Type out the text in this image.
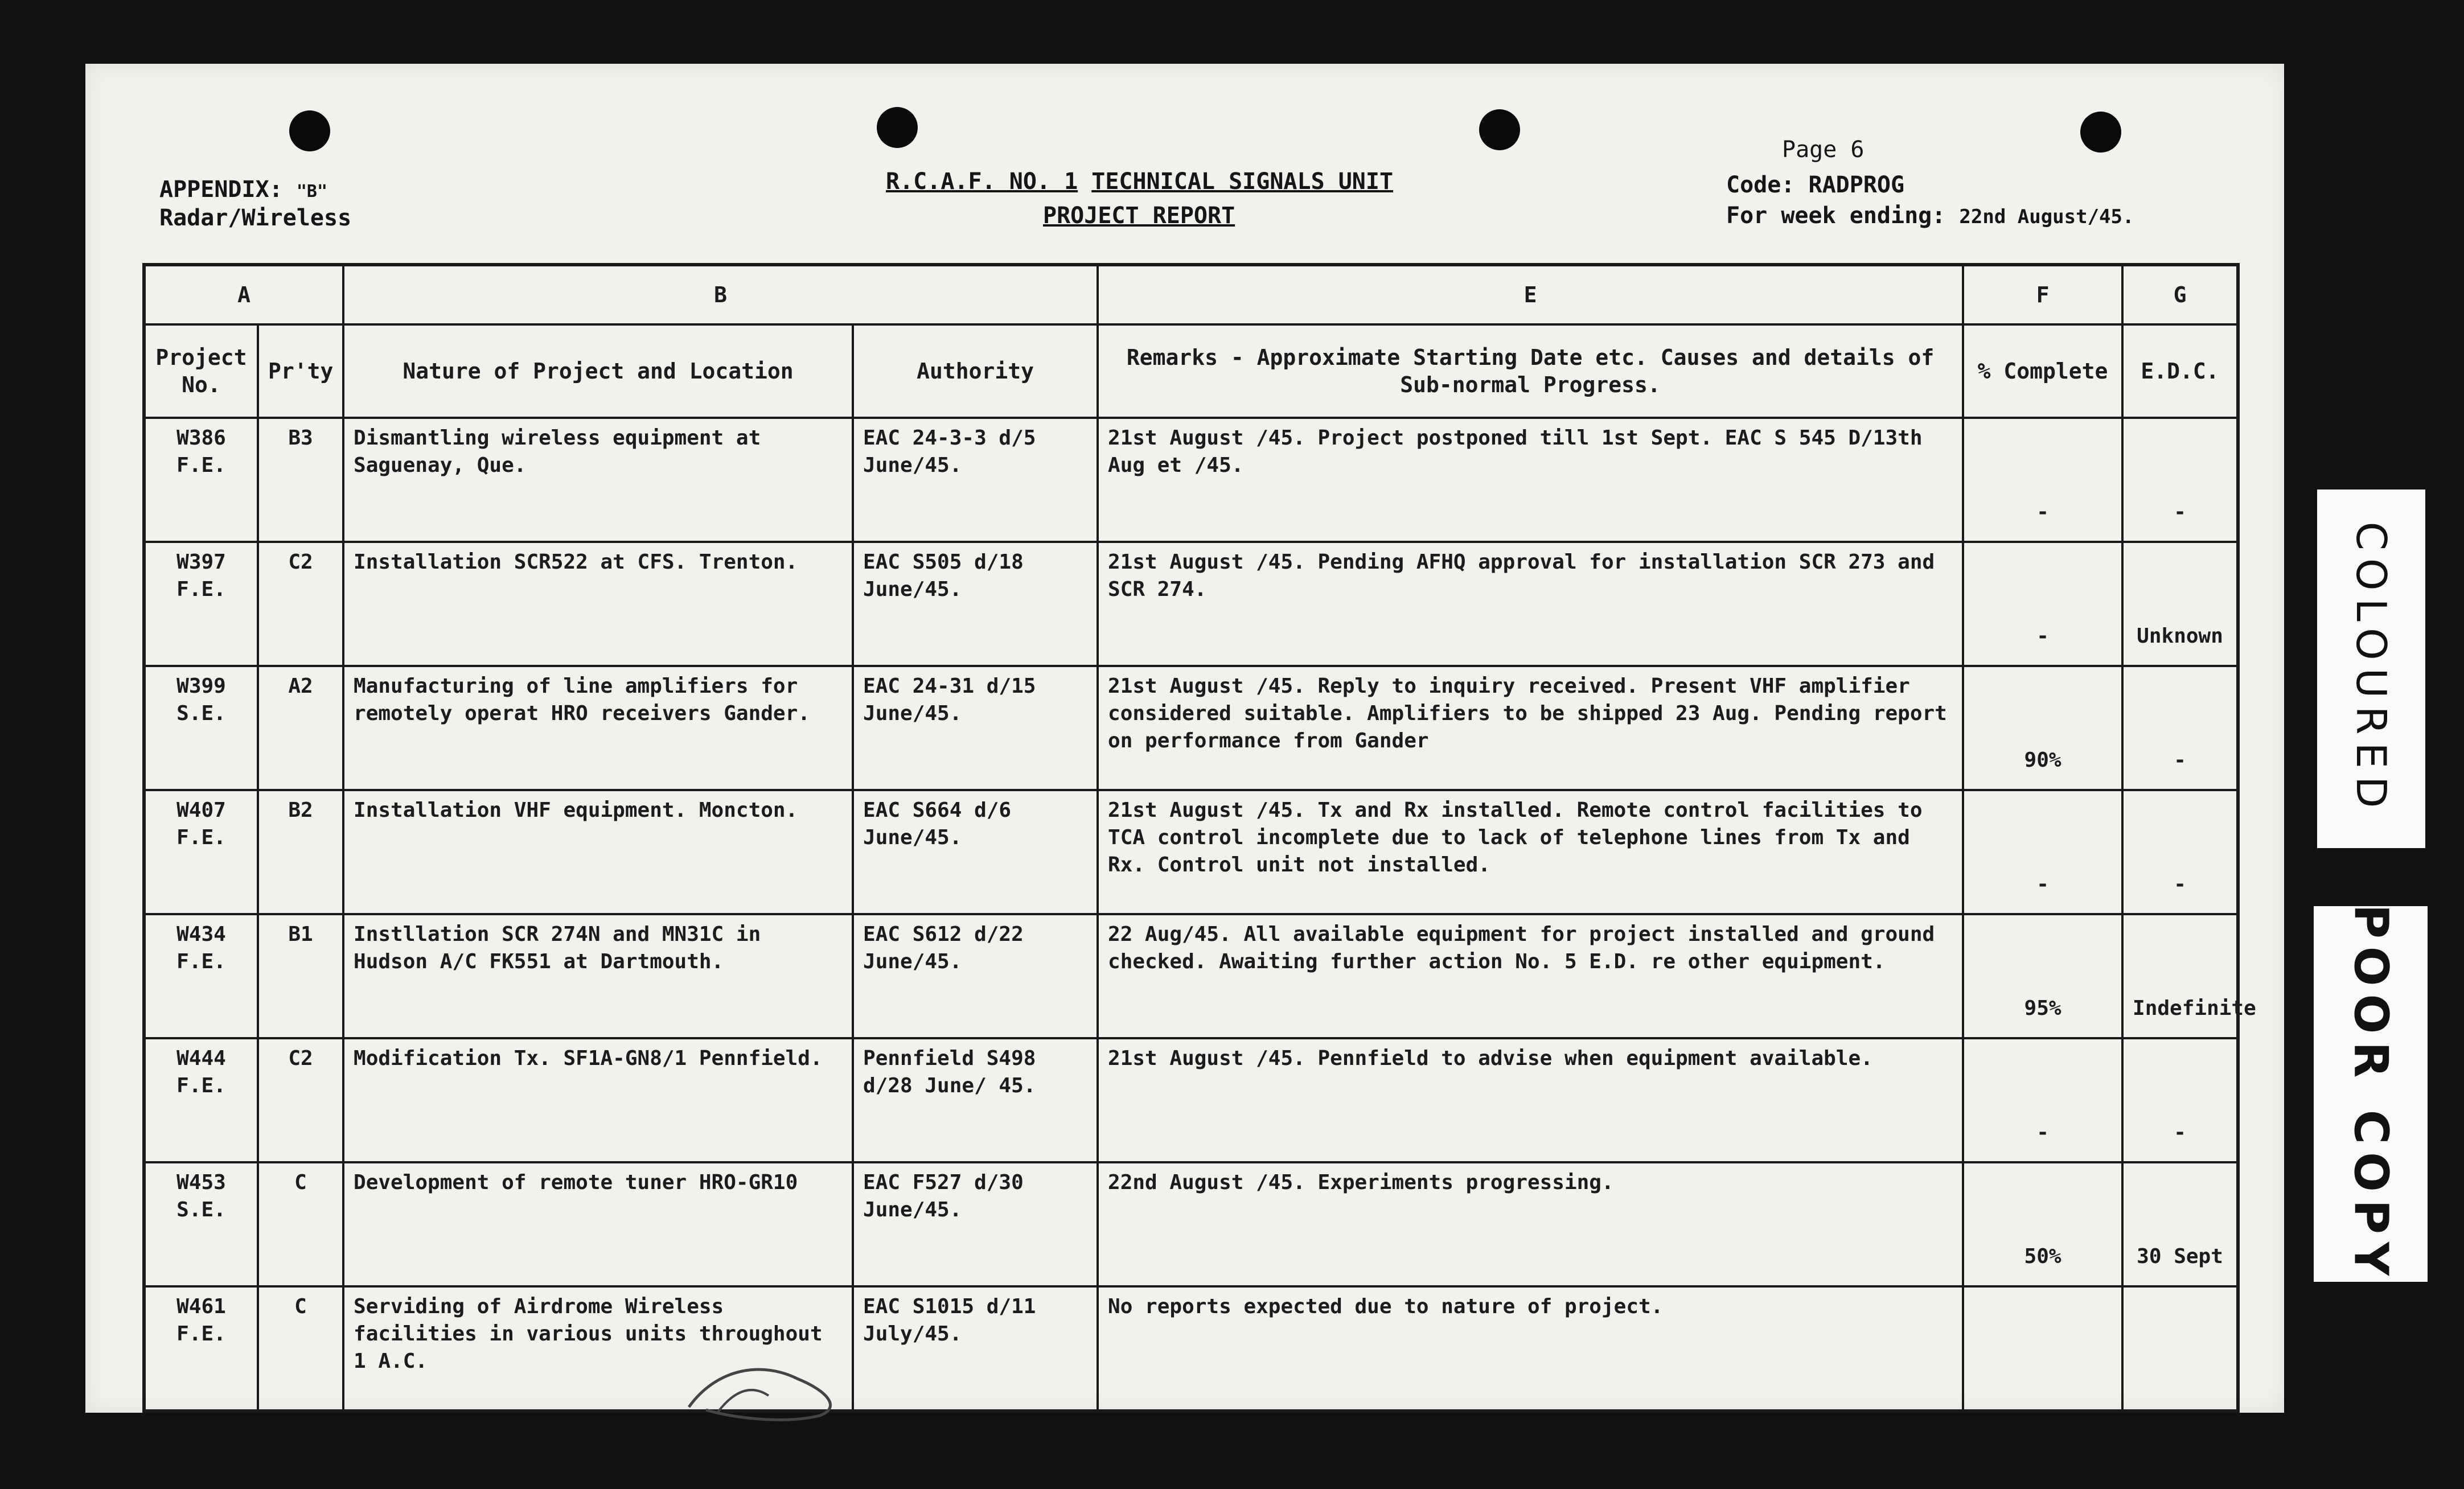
APPENDIX: "B"
Radar/Wireless
R.C.A.F. NO. 1 TECHNICAL SIGNALS UNIT
PROJECT REPORT
Page 6
Code: RADPROG
For week ending: 22nd August/45.
A		B		E	F	G
Project No.	Pr'ty	Nature of Project and Location	Authority	Remarks - Approximate Starting Date etc. Causes and details of Sub-normal Progress.	% Complete	E.D.C.
W386 F.E.	B3	Dismantling wireless equipment at Saguenay, Que.	EAC 24-3-3 d/5 June/45.	21st August /45. Project postponed till 1st Sept. EAC S 545 D/13th Aug et /45.	-	-
W397 F.E.	C2	Installation SCR522 at CFS. Trenton.	EAC S505 d/18 June/45.	21st August /45. Pending AFHQ approval for installation SCR 273 and SCR 274.	-	Unknown
W399 S.E.	A2	Manufacturing of line amplifiers for remotely operat HRO receivers Gander.	EAC 24-31 d/15 June/45.	21st August /45. Reply to inquiry received. Present VHF amplifier considered suitable. Amplifiers to be shipped 23 Aug. Pending report on performance from Gander	90%	-
W407 F.E.	B2	Installation VHF equipment. Moncton.	EAC S664 d/6 June/45.	21st August /45. Tx and Rx installed. Remote control facilities to TCA control incomplete due to lack of telephone lines from Tx and Rx. Control unit not installed.	-	-
W434 F.E.	B1	Instllation SCR 274N and MN31C in Hudson A/C FK551 at Dartmouth.	EAC S612 d/22 June/45.	22 Aug/45. All available equipment for project installed and ground checked. Awaiting further action No. 5 E.D. re other equipment.	95%	Indefinite
W444 F.E.	C2	Modification Tx. SF1A-GN8/1 Pennfield.	Pennfield S498 d/28 June/ 45.	21st August /45. Pennfield to advise when equipment available.	-	-
W453 S.E.	C	Development of remote tuner HRO-GR10	EAC F527 d/30 June/45.	22nd August /45. Experiments progressing.	50%	30 Sept
W461 F.E.	C	Serviding of Airdrome Wireless facilities in various units throughout 1 A.C.	EAC S1015 d/11 July/45.	No reports expected due to nature of project.		
COLOURED
POOR COPY
